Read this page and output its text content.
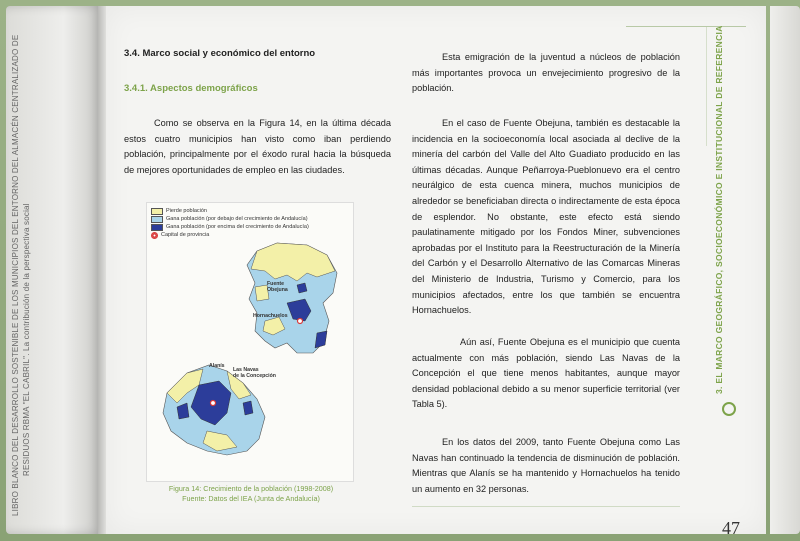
LIBRO BLANCO DEL DESARROLLO SOSTENIBLE DE LOS MUNICIPIOS DEL ENTORNO DEL ALMACÉN CENTRALIZADO DE RESIDUOS RBMA "EL CABRIL". La contribución de la perspectiva social
3.4. Marco social y económico del entorno
3.4.1. Aspectos demográficos
Como se observa en la Figura 14, en la última década estos cuatro municipios han visto como iban perdiendo población, principalmente por el éxodo rural hacia la búsqueda de mejores oportunidades de empleo en las ciudades.
Pierde población
Gana población (por debajo del crecimiento de Andalucía)
Gana población (por encima del crecimiento de Andalucía)
Capital de provincia
Fuente
Obejuna
Hornachuelos
Alanís
Las Navas
de la Concepción
Figura 14: Crecimiento de la población (1998-2008)
Fuente: Datos del IEA (Junta de Andalucía)
Esta emigración de la juventud a núcleos de población más importantes provoca un envejecimiento progresivo de la población.
En el caso de Fuente Obejuna, también es destacable la incidencia en la socioeconomía local asociada al declive de la minería del carbón del Valle del Alto Guadiato producido en las últimas décadas. Aunque Peñarroya-Pueblonuevo era el centro neurálgico de esta cuenca minera, muchos municipios de alrededor se beneficiaban directa o indirectamente de esta época de esplendor. No obstante, este efecto está siendo paulatinamente mitigado por los Fondos Miner, subvenciones aprobadas por el Instituto para la Reestructuración de la Minería del Carbón y el Desarrollo Alternativo de las Comarcas Mineras del Ministerio de Industria, Turismo y Comercio, para los municipios afectados, entre los que también se encuentra Hornachuelos.
Aún así, Fuente Obejuna es el municipio que cuenta actualmente con más población, siendo Las Navas de la Concepción el que tiene menos habitantes, aunque mayor densidad poblacional debido a su menor superficie territorial (ver Tabla 5).
En los datos del 2009, tanto Fuente Obejuna como Las Navas han continuado la tendencia de disminución de población. Mientras que Alanís se ha mantenido y Hornachuelos ha tenido un aumento en 32 personas.
3. EL MARCO GEOGRÁFICO, SOCIOECONÓMICO E INSTITUCIONAL DE REFERENCIA
47
